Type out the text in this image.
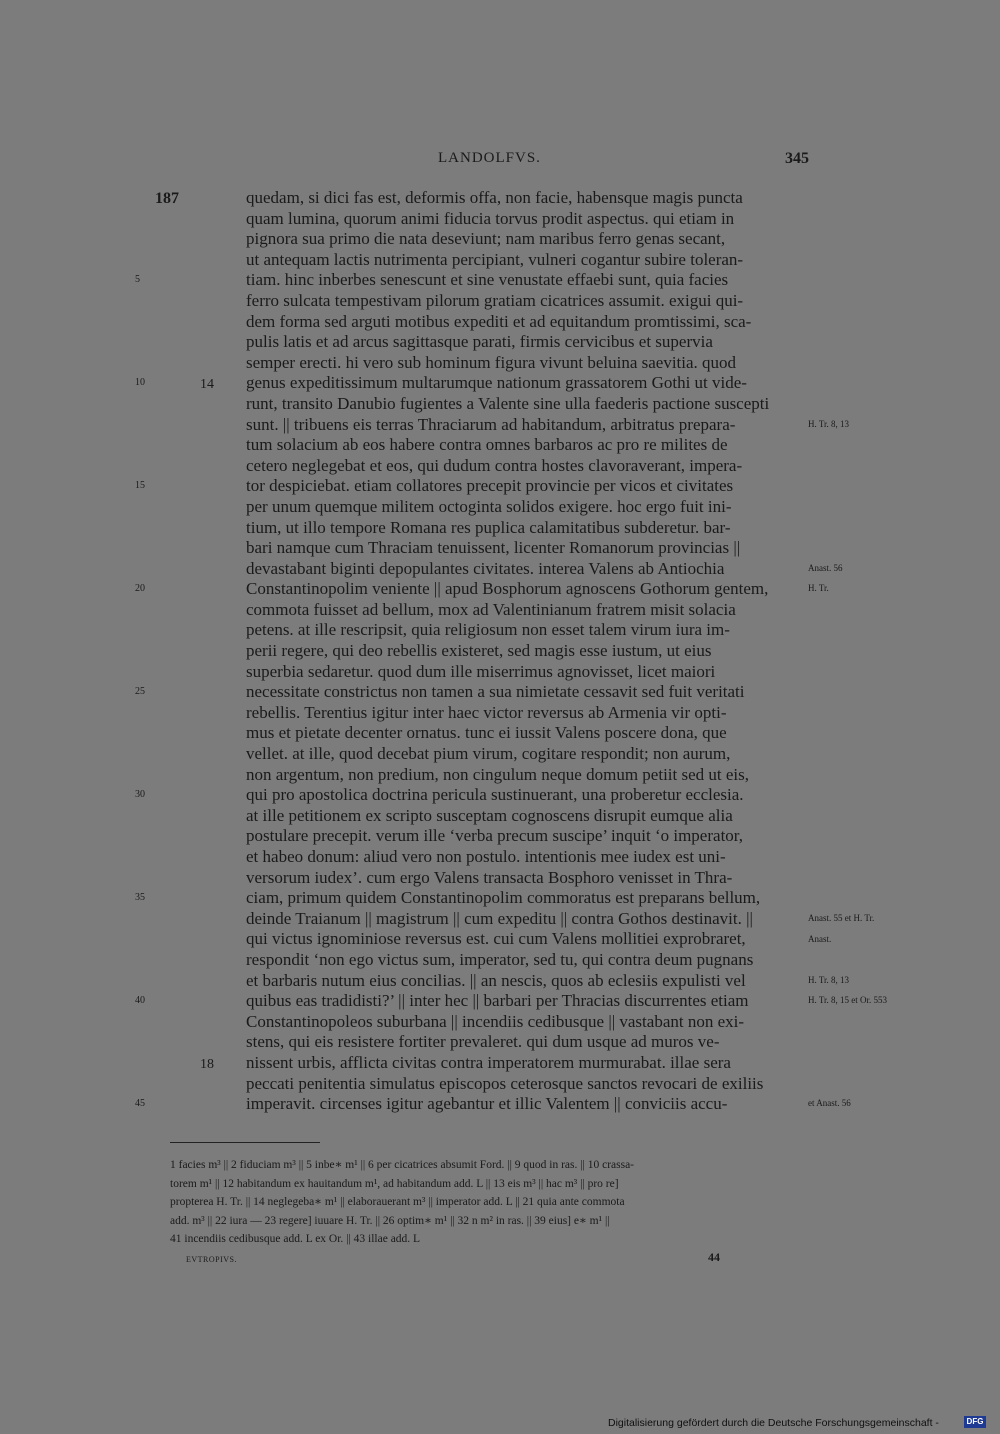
LANDOLFVS.	345
187	quedam, si dici fas est, deformis offa, non facie, habensque magis puncta
quam lumina, quorum animi fiducia torvus prodit aspectus. qui etiam in
pignora sua primo die nata deseviunt; nam maribus ferro genas secant,
ut antequam lactis nutrimenta percipiant, vulneri cogantur subire toleran-
tiam. hinc inberbes senescunt et sine venustate effaebi sunt, quia facies
ferro sulcata tempestivam pilorum gratiam cicatrices assumit. exigui qui-
dem forma sed arguti motibus expediti et ad equitandum promtissimi, sca-
pulis latis et ad arcus sagittasque parati, firmis cervicibus et supervia
semper erecti. hi vero sub hominum figura vivunt beluina saevitia. quod
genus expeditissimum multarumque nationum grassatorem Gothi ut vide-
runt, transito Danubio fugientes a Valente sine ulla faederis pactione suscepti
sunt. || tribuens eis terras Thraciarum ad habitandum, arbitratus prepara-
tum solacium ab eos habere contra omnes barbaros ac pro re milites de
cetero neglegebat et eos, qui dudum contra hostes clavoraverant, impera-
tor despiciebat. etiam collatores precepit provincie per vicos et civitates
per unum quemque militem octoginta solidos exigere. hoc ergo fuit ini-
tium, ut illo tempore Romana res puplica calamitatibus subderetur. bar-
bari namque cum Thraciam tenuissent, licenter Romanorum provincias ||
devastabant biginti depopulantes civitates. interea Valens ab Antiochia
Constantinopolim veniente || apud Bosphorum agnoscens Gothorum gentem,
commota fuisset ad bellum, mox ad Valentinianum fratrem misit solacia
petens. at ille rescripsit, quia religiosum non esset talem virum iura im-
perii regere, qui deo rebellis existeret, sed magis esse iustum, ut eius
superbia sedaretur. quod dum ille miserrimus agnovisset, licet maiori
necessitate constrictus non tamen a sua nimietate cessavit sed fuit veritati
rebellis. Terentius igitur inter haec victor reversus ab Armenia vir opti-
mus et pietate decenter ornatus. tunc ei iussit Valens poscere dona, que
vellet. at ille, quod decebat pium virum, cogitare respondit; non aurum,
non argentum, non predium, non cingulum neque domum petiit sed ut eis,
qui pro apostolica doctrina pericula sustinuerant, una proberetur ecclesia.
at ille petitionem ex scripto susceptam cognoscens disrupit eumque alia
postulare precepit. verum ille ‘verba precum suscipe’ inquit ‘o imperator,
et habeo donum: aliud vero non postulo. intentionis mee iudex est uni-
versorum iudex’. cum ergo Valens transacta Bosphoro venisset in Thra-
ciam, primum quidem Constantinopolim commoratus est preparans bellum,
deinde Traianum || magistrum || cum expeditu || contra Gothos destinavit. ||
qui victus ignominiose reversus est. cui cum Valens mollitiei exprobraret,
respondit ‘non ego victus sum, imperator, sed tu, qui contra deum pugnans
et barbaris nutum eius concilias. || an nescis, quos ab eclesiis expulisti vel
quibus eas tradidisti?’ || inter hec || barbari per Thracias discurrentes etiam
Constantinopoleos suburbana || incendiis cedibusque || vastabant non exi-
stens, qui eis resistere fortiter prevaleret. qui dum usque ad muros ve-
nissent urbis, afflicta civitas contra imperatorem murmurabat. illae sera
peccati penitentia simulatus episcopos ceterosque sanctos revocari de exiliis
imperavit. circenses igitur agebantur et illic Valentem || conviciis accu-
5
10
15
20
25
30
35
40
45
14
18
H. Tr. 8, 13
Anast. 56
H. Tr.
Anast. 55 et H. Tr.
Anast.
H. Tr. 8, 13
H. Tr. 8, 15 et Or. 553
et Anast. 56
1 facies m³ || 2 fiduciam m³ || 5 inbe∗ m¹ || 6 per cicatrices absumit Ford. || 9 quod in ras. || 10 crassa-
torem m¹ || 12 habitandum ex hauitandum m¹, ad habitandum add. L || 13 eis m³ || hac m³ || pro re]
propterea H. Tr. || 14 neglegeba∗ m¹ || elaborauerant m³ || imperator add. L || 21 quia ante commota
add. m³ || 22 iura — 23 regere] iuuare H. Tr. || 26 optim∗ m¹ || 32 n m² in ras. || 39 eius] e∗ m¹ ||
41 incendiis cedibusque add. L ex Or. || 43 illae add. L
EVTROPIVS.	44
Digitalisierung gefördert durch die Deutsche Forschungsgemeinschaft -	DFG
